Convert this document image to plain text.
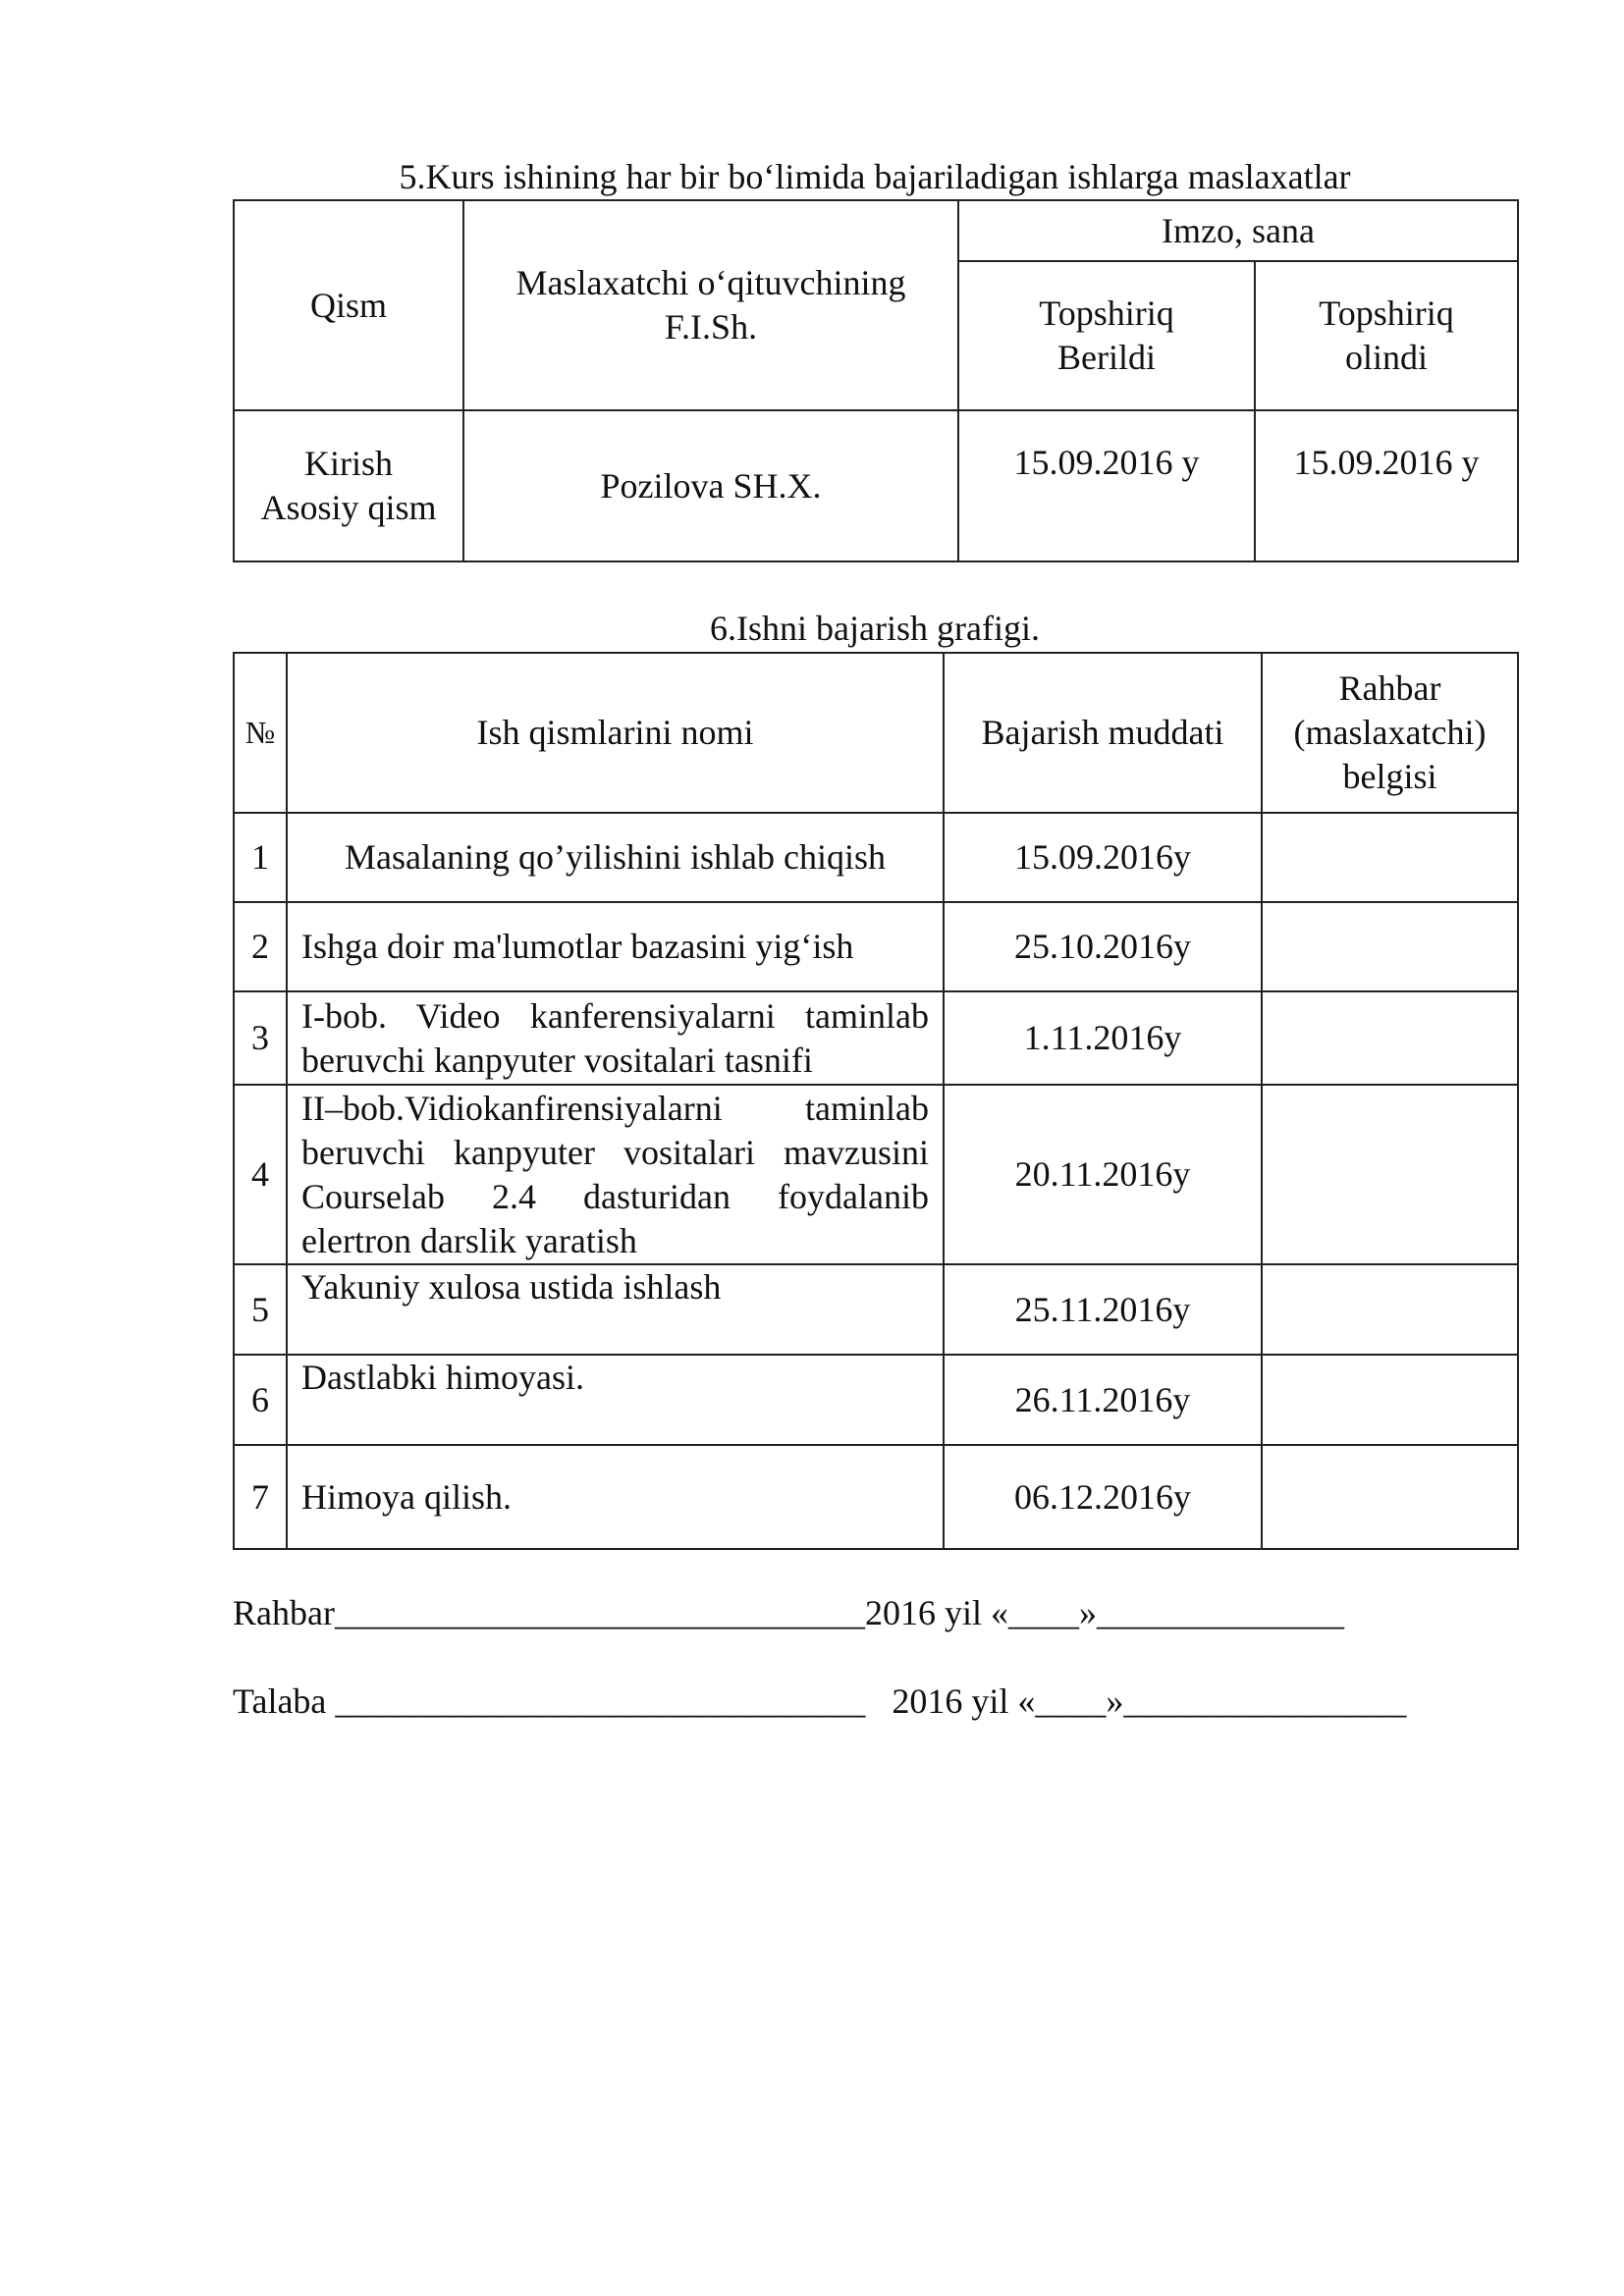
5.Kurs ishining har bir bo‘limida bajariladigan ishlarga maslaxatlar
Qism	Maslaxatchi o‘qituvchining F.I.Sh.	Imzo, sana	
		Topshiriq Berildi	Topshiriq olindi

Kirish
Asosiy qism	Pozilova SH.X.	15.09.2016 y	15.09.2016 y
6.Ishni bajarish grafigi.
№	Ish qismlarini nomi	Bajarish muddati	Rahbar (maslaxatchi) belgisi
1	Masalaning qo’yilishini ishlab chiqish	15.09.2016y	
2	Ishga doir ma'lumotlar bazasini yig‘ish	25.10.2016y	
3	I-bob. Video kanferensiyalarni taminlab beruvchi kanpyuter vositalari tasnifi	1.11.2016y	
4	II–bob.Vidiokanfirensiyalarni taminlab beruvchi kanpyuter vositalari mavzusini Courselab 2.4 dasturidan foydalanib elertron darslik yaratish	20.11.2016y	
5	Yakuniy xulosa ustida ishlash	25.11.2016y	
6	Dastlabki himoyasi.	26.11.2016y	
7	Himoya qilish.	06.12.2016y	
Rahbar______________________________2016 yil «____»______________
Talaba ______________________________   2016 yil «____»________________
